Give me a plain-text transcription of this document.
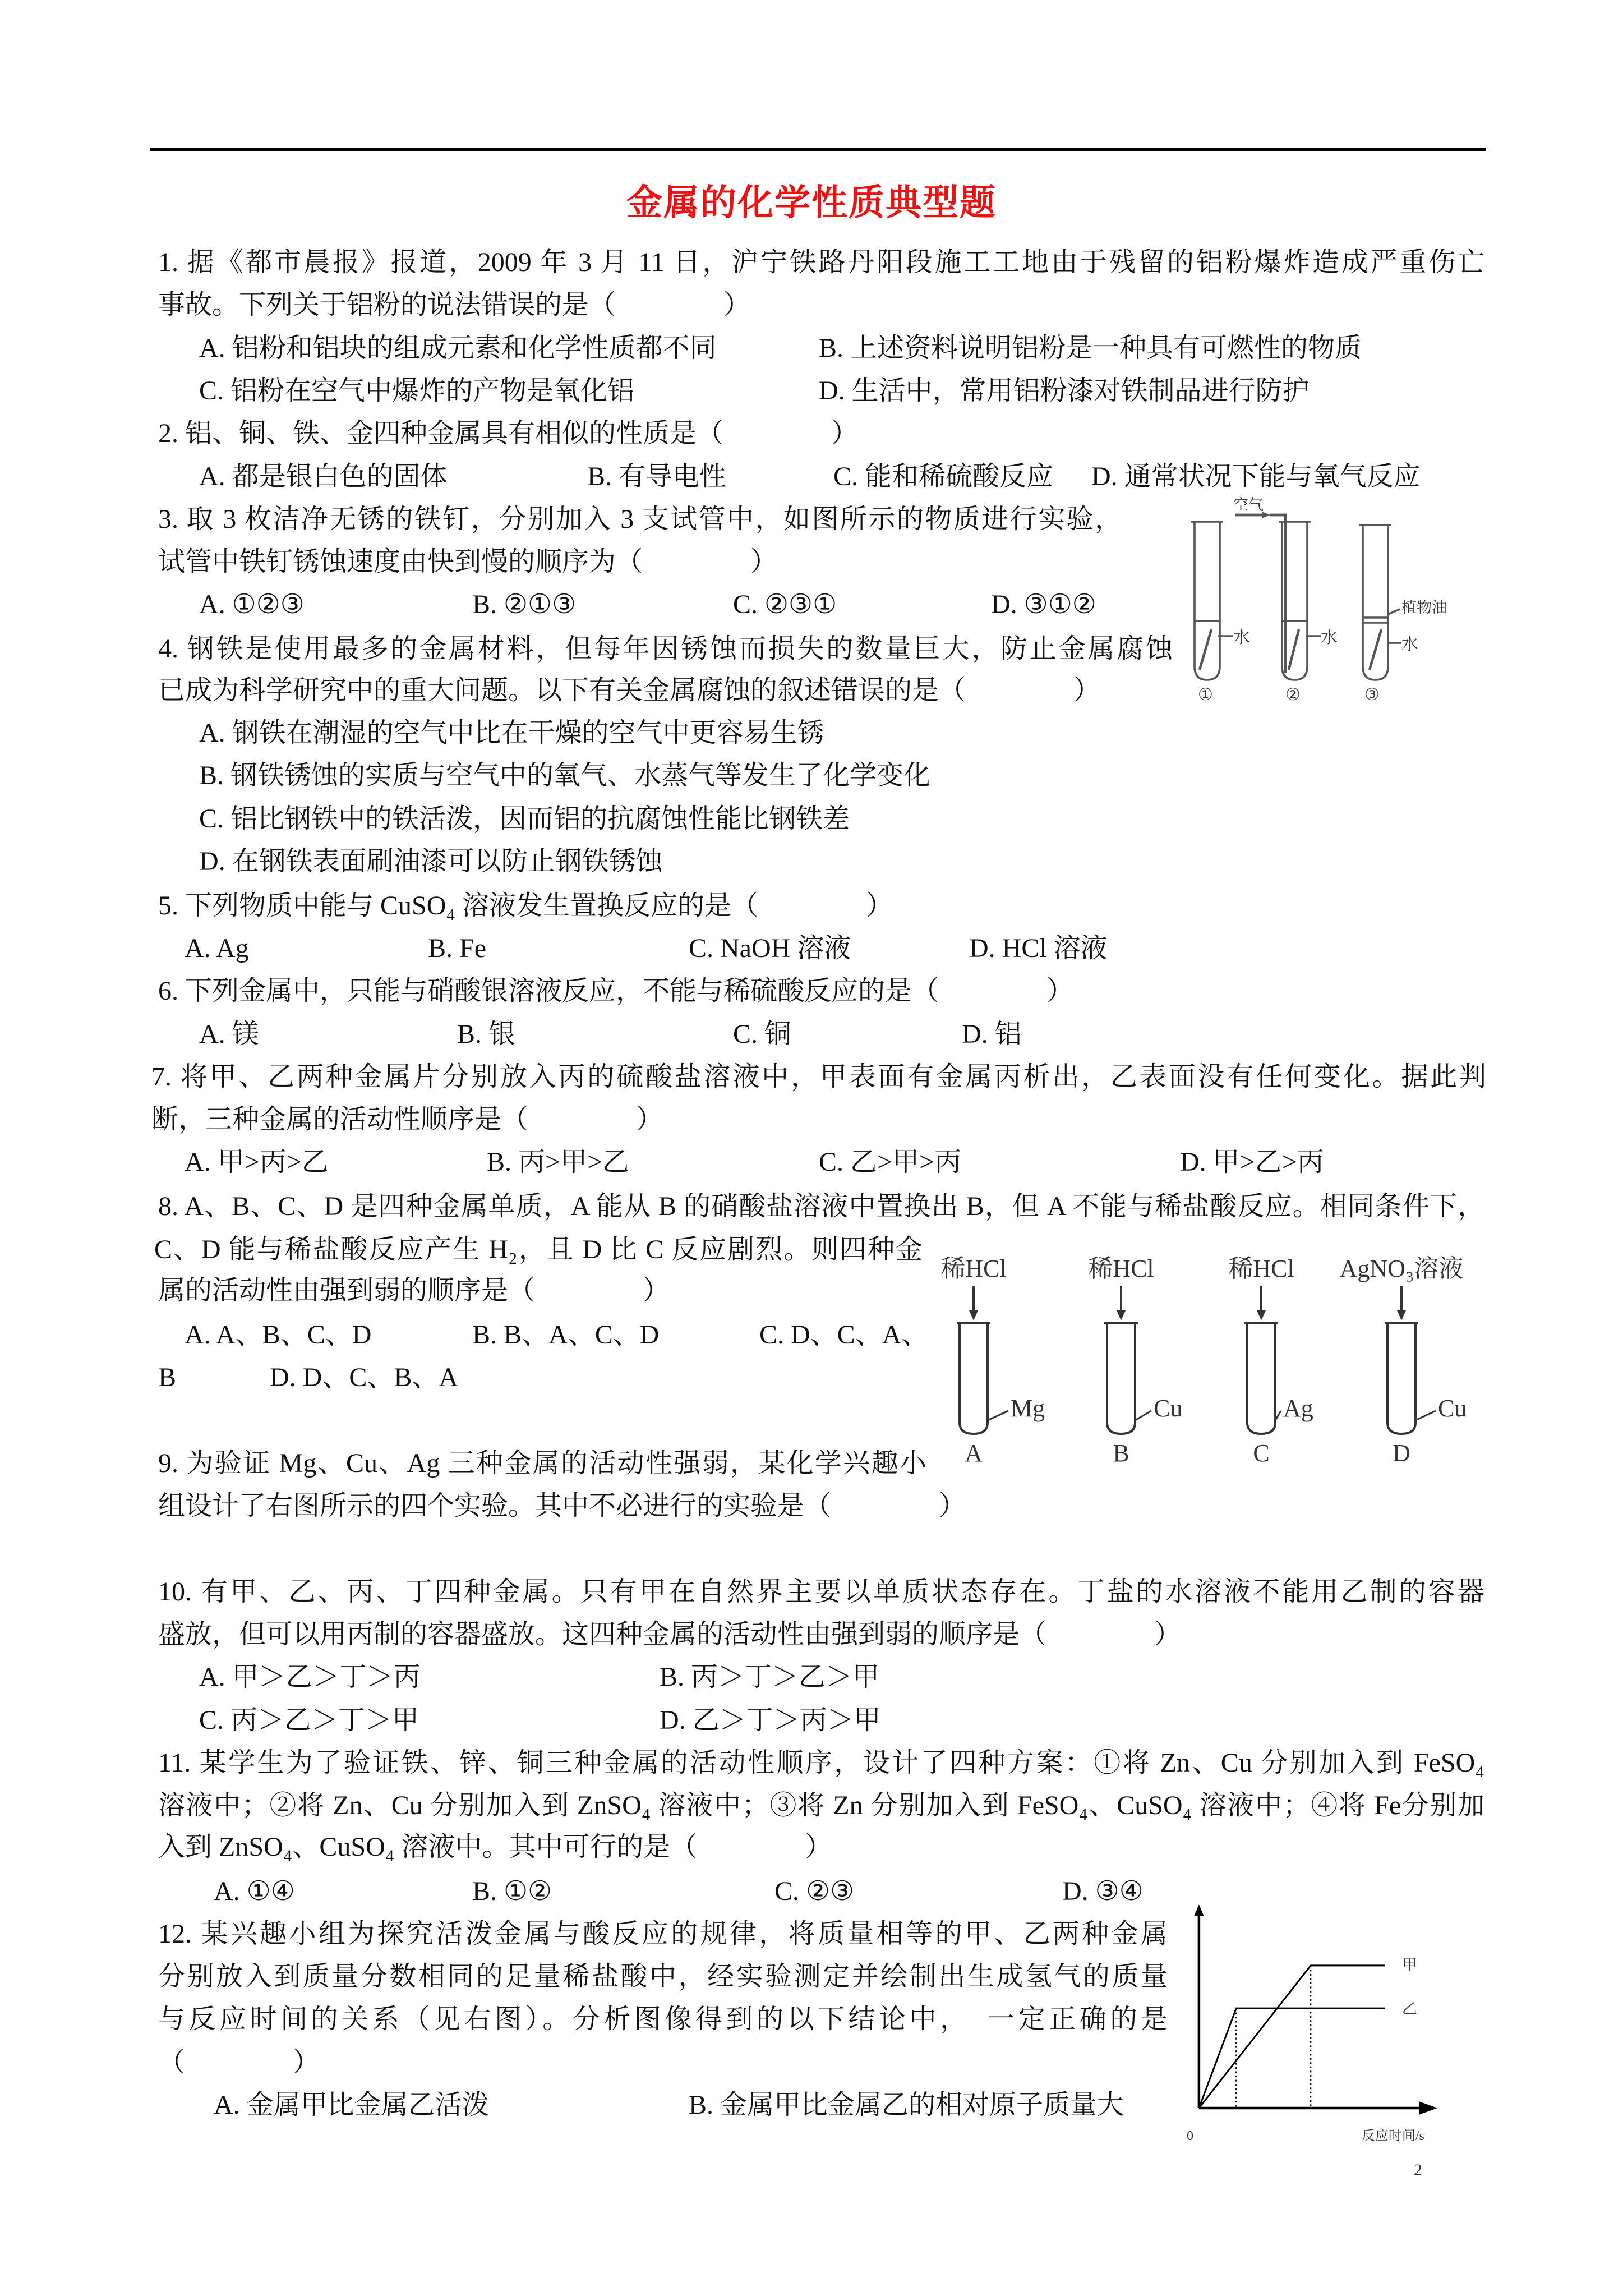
金属的化学性质典型题
1. 据《都市晨报》报道，2009 年 3 月 11 日，沪宁铁路丹阳段施工工地由于残留的铝粉爆炸造成严重伤亡
事故。下列关于铝粉的说法错误的是（　　　　）
A. 铝粉和铝块的组成元素和化学性质都不同	B. 上述资料说明铝粉是一种具有可燃性的物质
C. 铝粉在空气中爆炸的产物是氧化铝	D. 生活中，常用铝粉漆对铁制品进行防护
2. 铝、铜、铁、金四种金属具有相似的性质是（　　　　）
A. 都是银白色的固体	B. 有导电性	C. 能和稀硫酸反应 D. 通常状况下能与氧气反应
3. 取 3 枚洁净无锈的铁钉，分别加入 3 支试管中，如图所示的物质进行实验，
试管中铁钉锈蚀速度由快到慢的顺序为（　　　　）
A. ①②③	B. ②①③	C. ②③①	D. ③①②
4. 钢铁是使用最多的金属材料，但每年因锈蚀而损失的数量巨大，防止金属腐蚀
已成为科学研究中的重大问题。以下有关金属腐蚀的叙述错误的是（　　　　）
A. 钢铁在潮湿的空气中比在干燥的空气中更容易生锈
B. 钢铁锈蚀的实质与空气中的氧气、水蒸气等发生了化学变化
C. 铝比钢铁中的铁活泼，因而铝的抗腐蚀性能比钢铁差
D. 在钢铁表面刷油漆可以防止钢铁锈蚀
5. 下列物质中能与 CuSO₄ 溶液发生置换反应的是（　　　　）
A. Ag	B. Fe	C. NaOH 溶液	D. HCl 溶液
6. 下列金属中，只能与硝酸银溶液反应，不能与稀硫酸反应的是（　　　　）
A. 镁	B. 银	C. 铜	D. 铝
7. 将甲、乙两种金属片分别放入丙的硫酸盐溶液中，甲表面有金属丙析出，乙表面没有任何变化。据此判
断，三种金属的活动性顺序是（　　　　）
A. 甲>丙>乙	B. 丙>甲>乙	C. 乙>甲>丙	D. 甲>乙>丙
8. A、B、C、D 是四种金属单质，A 能从 B 的硝酸盐溶液中置换出 B，但 A 不能与稀盐酸反应。相同条件下，
C、D 能与稀盐酸反应产生 H₂，且 D 比 C 反应剧烈。则四种金
属的活动性由强到弱的顺序是（　　　　）
A. A、B、C、D	B. B、A、C、D	C. D、C、A、
B	D. D、C、B、A
9. 为验证 Mg、Cu、Ag 三种金属的活动性强弱，某化学兴趣小
组设计了右图所示的四个实验。其中不必进行的实验是（　　　　）
10. 有甲、乙、丙、丁四种金属。只有甲在自然界主要以单质状态存在。丁盐的水溶液不能用乙制的容器
盛放，但可以用丙制的容器盛放。这四种金属的活动性由强到弱的顺序是（　　　　）
A. 甲＞乙＞丁＞丙	B. 丙＞丁＞乙＞甲
C. 丙＞乙＞丁＞甲	D. 乙＞丁＞丙＞甲
11. 某学生为了验证铁、锌、铜三种金属的活动性顺序，设计了四种方案：①将 Zn、Cu 分别加入到 FeSO₄
溶液中；②将 Zn、Cu 分别加入到 ZnSO₄ 溶液中；③将 Zn 分别加入到 FeSO₄、CuSO₄ 溶液中；④将 Fe分别加
入到 ZnSO₄、CuSO₄ 溶液中。其中可行的是（　　　　）
A. ①④	B. ①②	C. ②③	D. ③④
12. 某兴趣小组为探究活泼金属与酸反应的规律，将质量相等的甲、乙两种金属
分别放入到质量分数相同的足量稀盐酸中，经实验测定并绘制出生成氢气的质量
与反应时间的关系（见右图）。分析图像得到的以下结论中，　一定正确的是
（　　　　）
A. 金属甲比金属乙活泼	B. 金属甲比金属乙的相对原子质量大
空气
水	水	水
植物油
①	②	③
稀HCl	稀HCl	稀HCl AgNO₃溶液
Mg	Cu	Ag	Cu
A	B	C	D
甲
乙
0	反应时间/s
2
